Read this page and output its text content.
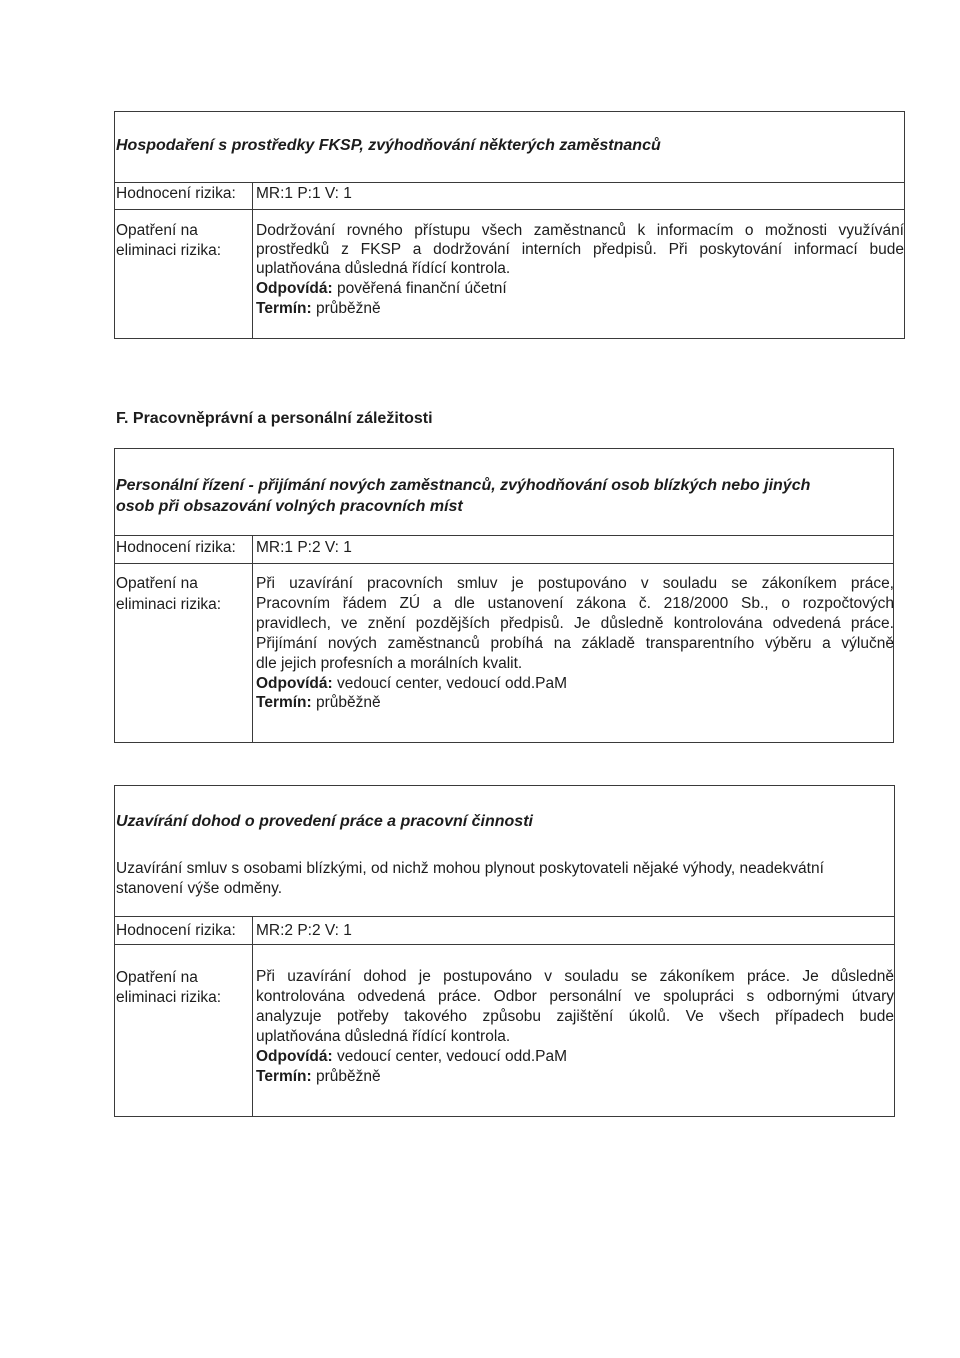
Hospodaření s prostředky FKSP, zvýhodňování některých zaměstnanců
Hodnocení rizika: MR:1 P:1 V: 1
Opatření na
eliminaci rizika:
Dodržování rovného přístupu všech zaměstnanců k informacím o možnosti využívání
prostředků z FKSP a dodržování interních předpisů. Při poskytování informací bude
uplatňována důsledná řídící kontrola.
Odpovídá: pověřená finanční účetní
Termín: průběžně
F. Pracovněprávní a personální záležitosti
Personální řízení - přijímání nových zaměstnanců, zvýhodňování osob blízkých nebo jiných
osob při obsazování volných pracovních míst
Hodnocení rizika: MR:1 P:2 V: 1
Opatření na
eliminaci rizika:
Při uzavírání pracovních smluv je postupováno v souladu se zákoníkem práce,
Pracovním řádem ZÚ a dle ustanovení zákona č. 218/2000 Sb., o rozpočtových
pravidlech, ve znění pozdějších předpisů. Je důsledně kontrolována odvedená práce.
Přijímání nových zaměstnanců probíhá na základě transparentního výběru a výlučně
dle jejich profesních a morálních kvalit.
Odpovídá: vedoucí center, vedoucí odd.PaM
Termín: průběžně
Uzavírání dohod o provedení práce a pracovní činnosti
Uzavírání smluv s osobami blízkými, od nichž mohou plynout poskytovateli nějaké výhody, neadekvátní
stanovení výše odměny.
Hodnocení rizika: MR:2 P:2 V: 1
Opatření na
eliminaci rizika:
Při uzavírání dohod je postupováno v souladu se zákoníkem práce. Je důsledně
kontrolována odvedená práce. Odbor personální ve spolupráci s odbornými útvary
analyzuje potřeby takového způsobu zajištění úkolů. Ve všech případech bude
uplatňována důsledná řídící kontrola.
Odpovídá: vedoucí center, vedoucí odd.PaM
Termín: průběžně
